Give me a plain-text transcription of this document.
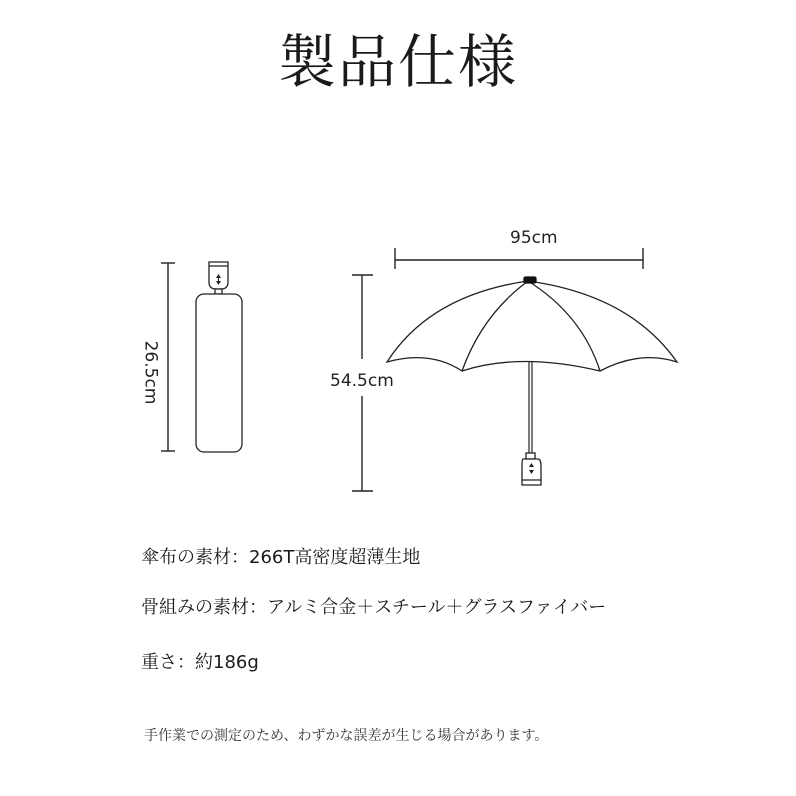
製品仕様
26.5cm
95cm
54.5cm
傘布の素材：266T高密度超薄生地
骨組みの素材：アルミ合金＋スチール＋グラスファイバー
重さ：約186g
手作業での測定のため、わずかな誤差が生じる場合があります。
